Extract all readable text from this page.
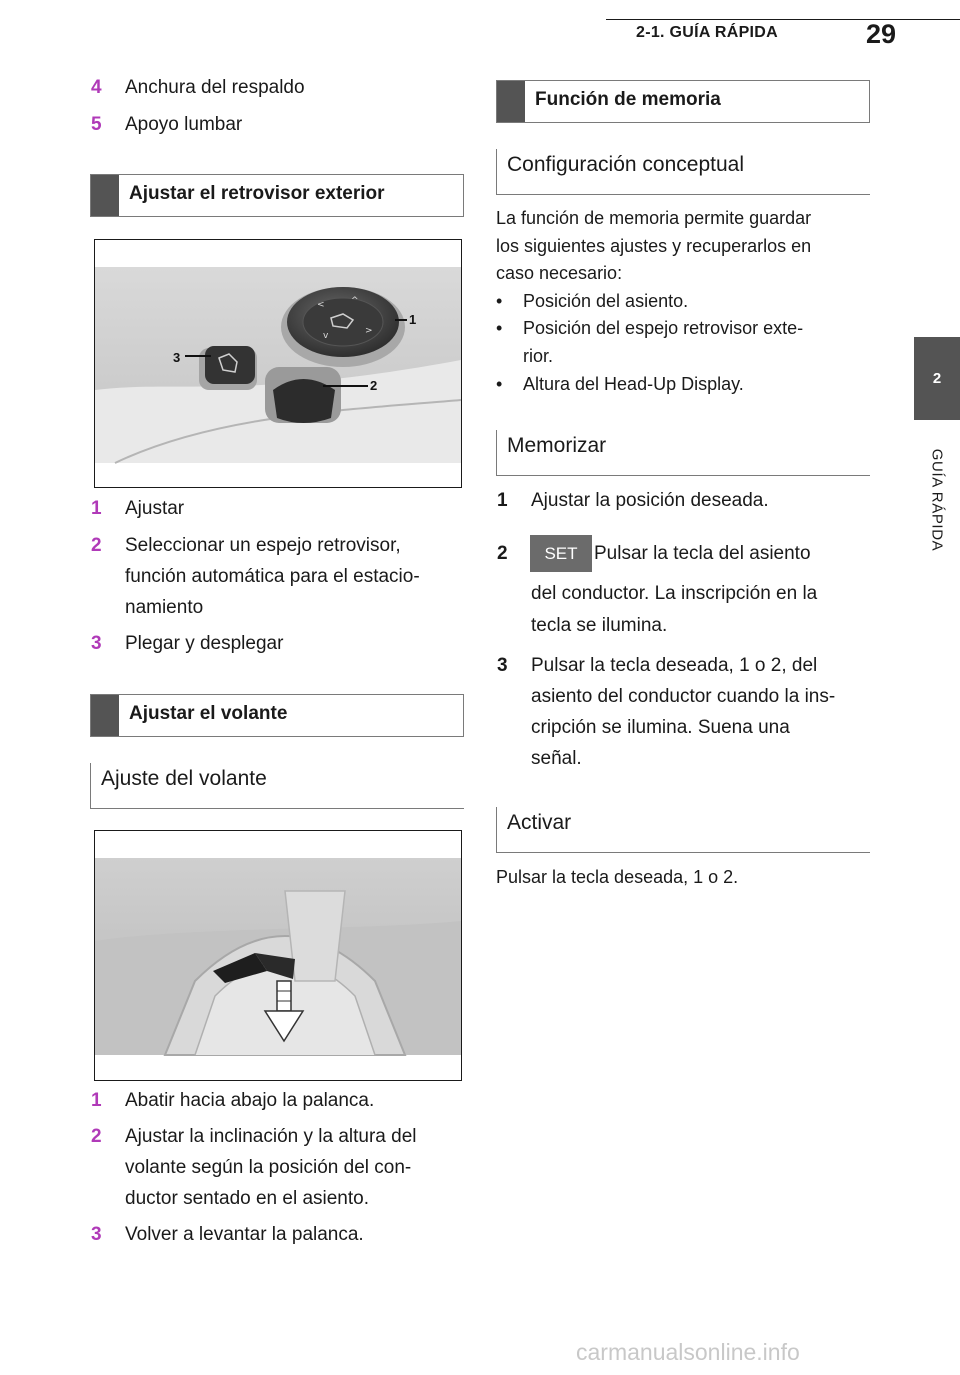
2-1. GUÍA RÁPIDA	29
2
GUÍA RÁPIDA
4 Anchura del respaldo
5 Apoyo lumbar
Ajustar el retrovisor exterior
^
<
>
v
1
2
3
1 Ajustar
2 Seleccionar un espejo retrovisor,
función automática para el estacio-
namiento
3 Plegar y desplegar
Ajustar el volante
Ajuste del volante
1 Abatir hacia abajo la palanca.
2 Ajustar la inclinación y la altura del
volante según la posición del con-
ductor sentado en el asiento.
3 Volver a levantar la palanca.
Función de memoria
Configuración conceptual
La función de memoria permite guardar
los siguientes ajustes y recuperarlos en
caso necesario:
• Posición del asiento.
• Posición del espejo retrovisor exte-
rior.
• Altura del Head-Up Display.
Memorizar
1 Ajustar la posición deseada.
SET
2	Pulsar la tecla del asiento
del conductor. La inscripción en la
tecla se ilumina.
3 Pulsar la tecla deseada, 1 o 2, del
asiento del conductor cuando la ins-
cripción se ilumina. Suena una
señal.
Activar
Pulsar la tecla deseada, 1 o 2.
carmanualsonline.info
